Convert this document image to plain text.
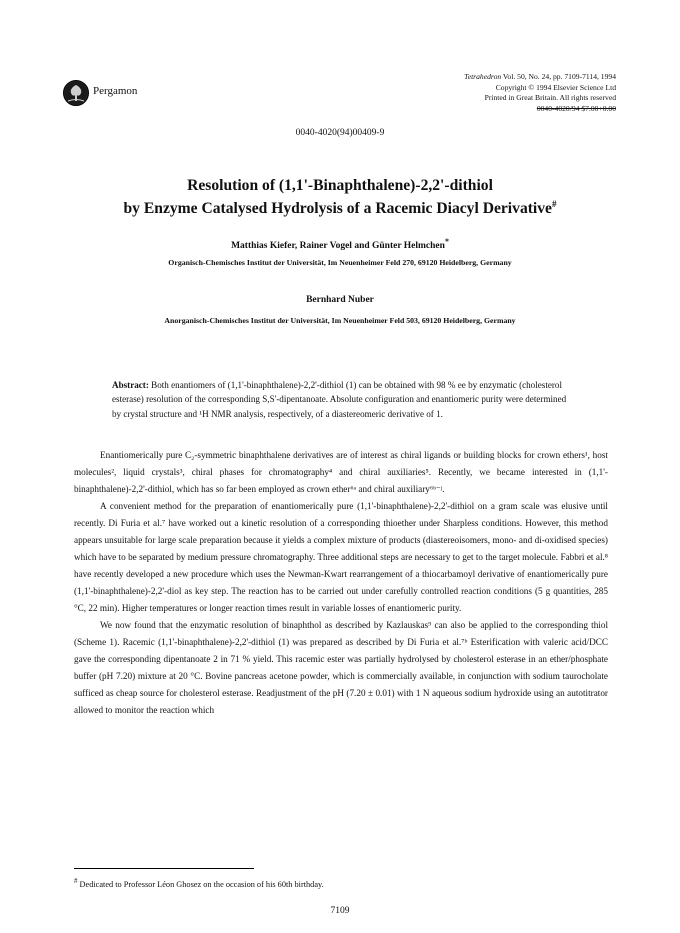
Pergamon
Tetrahedron Vol. 50, No. 24, pp. 7109-7114, 1994
Copyright © 1994 Elsevier Science Ltd
Printed in Great Britain. All rights reserved
0040-4020/94 $7.00+0.00
0040-4020(94)00409-9
Resolution of (1,1'-Binaphthalene)-2,2'-dithiol
by Enzyme Catalysed Hydrolysis of a Racemic Diacyl Derivative#
Matthias Kiefer, Rainer Vogel and Günter Helmchen*
Organisch-Chemisches Institut der Universität, Im Neuenheimer Feld 270, 69120 Heidelberg, Germany
Bernhard Nuber
Anorganisch-Chemisches Institut der Universität, Im Neuenheimer Feld 503, 69120 Heidelberg, Germany
Abstract: Both enantiomers of (1,1'-binaphthalene)-2,2'-dithiol (1) can be obtained with 98 % ee by enzymatic (cholesterol esterase) resolution of the corresponding S,S'-dipentanoate. Absolute configuration and enantiomeric purity were determined by crystal structure and ¹H NMR analysis, respectively, of a diastereomeric derivative of 1.

Enantiomerically pure C₂-symmetric binaphthalene derivatives are of interest as chiral ligands or building blocks for crown ethers¹, host molecules², liquid crystals³, chiral phases for chromatography⁴ and chiral auxiliaries⁵. Recently, we became interested in (1,1'-binaphthalene)-2,2'-dithiol, which has so far been employed as crown ether⁶ᵃ and chiral auxiliary⁶ᵇ⁻ʲ.

A convenient method for the preparation of enantiomerically pure (1,1'-binaphthalene)-2,2'-dithiol on a gram scale was elusive until recently. Di Furia et al.⁷ have worked out a kinetic resolution of a corresponding thioether under Sharpless conditions. However, this method appears unsuitable for large scale preparation because it yields a complex mixture of products (diastereoisomers, mono- and di-oxidised species) which have to be separated by medium pressure chromatography. Three additional steps are necessary to get to the target molecule. Fabbri et al.⁸ have recently developed a new procedure which uses the Newman-Kwart rearrangement of a thiocarbamoyl derivative of enantiomerically pure (1,1'-binaphthalene)-2,2'-diol as key step. The reaction has to be carried out under carefully controlled reaction conditions (5 g quantities, 285 °C, 22 min). Higher temperatures or longer reaction times result in variable losses of enantiomeric purity.

We now found that the enzymatic resolution of binaphthol as described by Kazlauskas⁹ can also be applied to the corresponding thiol (Scheme 1). Racemic (1,1'-binaphthalene)-2,2'-dithiol (1) was prepared as described by Di Furia et al.⁷ᵇ Esterification with valeric acid/DCC gave the corresponding dipentanoate 2 in 71 % yield. This racemic ester was partially hydrolysed by cholesterol esterase in an ether/phosphate buffer (pH 7.20) mixture at 20 °C. Bovine pancreas acetone powder, which is commercially available, in conjunction with sodium taurocholate sufficed as cheap source for cholesterol esterase. Readjustment of the pH (7.20 ± 0.01) with 1 N aqueous sodium hydroxide using an autotitrator allowed to monitor the reaction which

# Dedicated to Professor Léon Ghosez on the occasion of his 60th birthday.
7109
